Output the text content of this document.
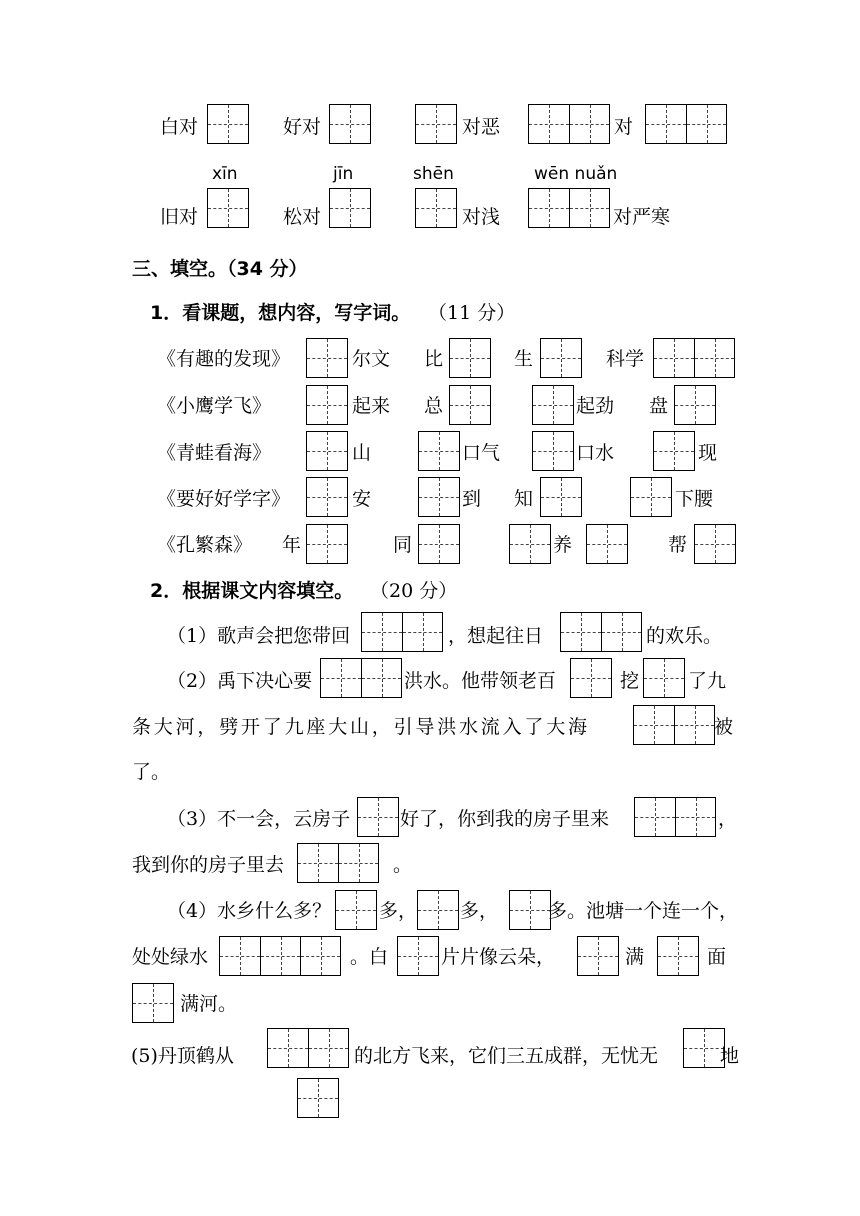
白对	好对	对恶	对
xīn	jīn	shēn	wēn nuǎn
旧对	松对	对浅	对严寒
三、填空。（34 分）
1．看课题，想内容，写字词。 （11 分）
《有趣的发现》	尔文 比	生	科学
《小鹰学飞》	起来 总	起劲 盘
《青蛙看海》	山	口气	口水	现
《要好好学字》	安	到 知	下腰
《孔繁森》 年	同	养	帮
2．根据课文内容填空。 （20 分）
（1）歌声会把您带回	，想起往日	的欢乐。
（2）禹下决心要	洪水。他带领老百	挖	了九
条大河，劈开了九座大山，引导洪水流入了大海	被
了。
（3）不一会，云房子	好了，你到我的房子里来	，
我到你的房子里去	。
（4）水乡什么多？	多， 多，	多。池塘一个连一个，
处处绿水	。白	片片像云朵，	满	面
满河。
(5)丹顶鹤从	的北方飞来，它们三五成群，无忧无	地
